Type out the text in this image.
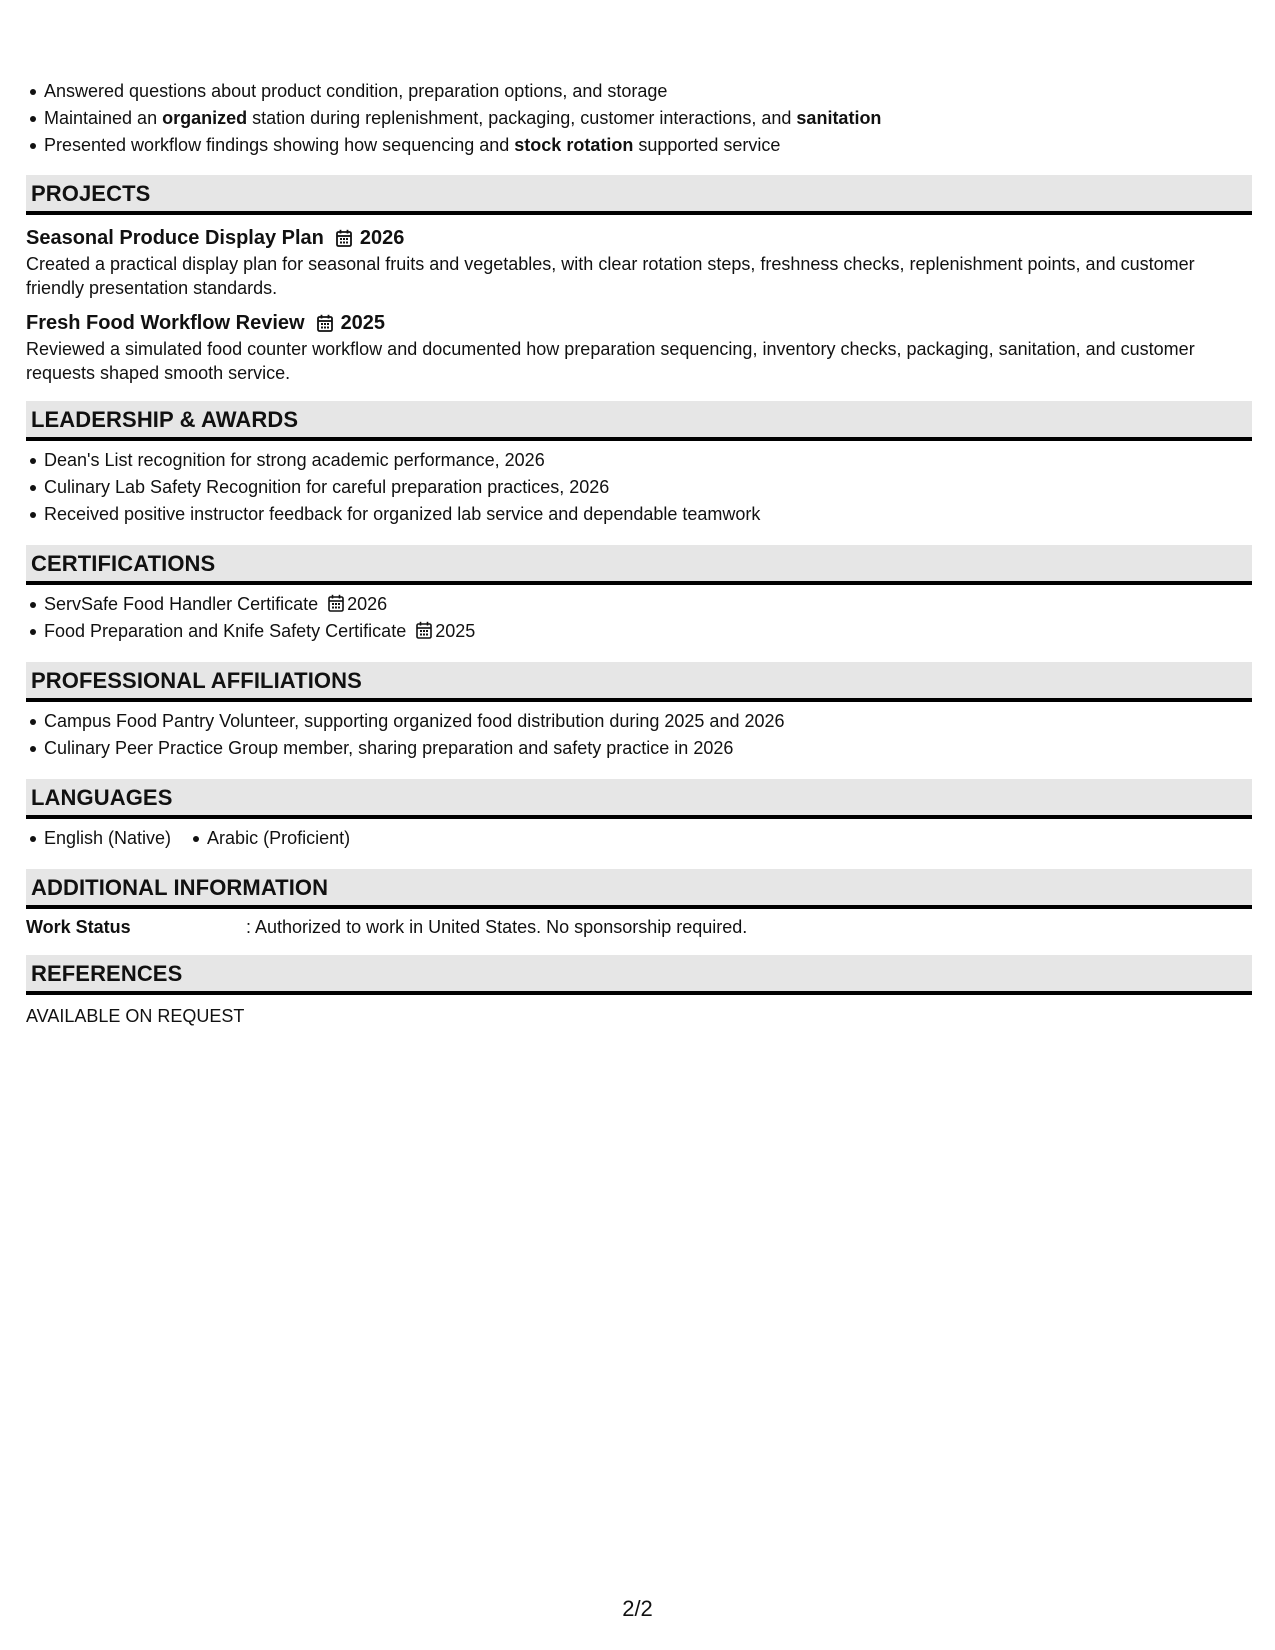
Answered questions about product condition, preparation options, and storage
Maintained an organized station during replenishment, packaging, customer interactions, and sanitation
Presented workflow findings showing how sequencing and stock rotation supported service
PROJECTS
Seasonal Produce Display Plan 2026
Created a practical display plan for seasonal fruits and vegetables, with clear rotation steps, freshness checks, replenishment points, and customer friendly presentation standards.
Fresh Food Workflow Review 2025
Reviewed a simulated food counter workflow and documented how preparation sequencing, inventory checks, packaging, sanitation, and customer requests shaped smooth service.
LEADERSHIP & AWARDS
Dean's List recognition for strong academic performance, 2026
Culinary Lab Safety Recognition for careful preparation practices, 2026
Received positive instructor feedback for organized lab service and dependable teamwork
CERTIFICATIONS
ServSafe Food Handler Certificate 2026
Food Preparation and Knife Safety Certificate 2025
PROFESSIONAL AFFILIATIONS
Campus Food Pantry Volunteer, supporting organized food distribution during 2025 and 2026
Culinary Peer Practice Group member, sharing preparation and safety practice in 2026
LANGUAGES
English (Native) Arabic (Proficient)
ADDITIONAL INFORMATION
Work Status	: Authorized to work in United States. No sponsorship required.
REFERENCES
AVAILABLE ON REQUEST
2/2
